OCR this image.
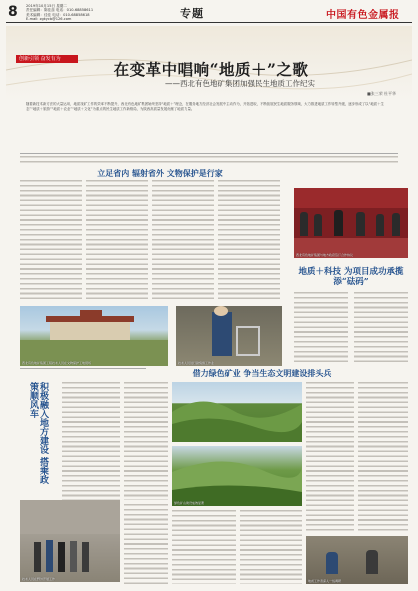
8 2019年10月15日 星期二
责任编辑：陈佳蕊 电话：010-68858611
美术编辑：佳佳 电话：010-68858618
E-mail: zgkycb@126.com	专题	中国有色金属报
创新引领 奋发有为
在变革中唱响“地质＋”之歌
——西北有色地矿集团加强民生地质工作纪实
■张三荣 杜平华
随着新技术新方法的大量运用，地质找矿工作的效率不断提升，西北有色地矿集团始终坚持“地质＋”理念，在服务地方经济社会发展中主动作为，开拓进取，不断拓展民生地质服务领域，大力推进地质工作转型升级，逐步形成了以“地质＋生态”“地质＋旅游”“地质＋农业”“地质＋文化”为重点的民生地质工作新格局，为陕西高质量发展贡献了地质力量。
立足省内 辐射省外 文物保护是行家
西北有色地矿集团与地方政府签订合作协议
西北有色地矿集团工程技术人员在文物保护工地现场	技术人员进行勘察施工作业
地质＋科技 为项目成功承揽添“砝码”
借力绿色矿业 争当生态文明建设排头兵
积极融入地方建设 搭乘政策顺风车
绿色矿山建设成效显著
技术人员在野外开展工作	地质工作者深入一线调研
